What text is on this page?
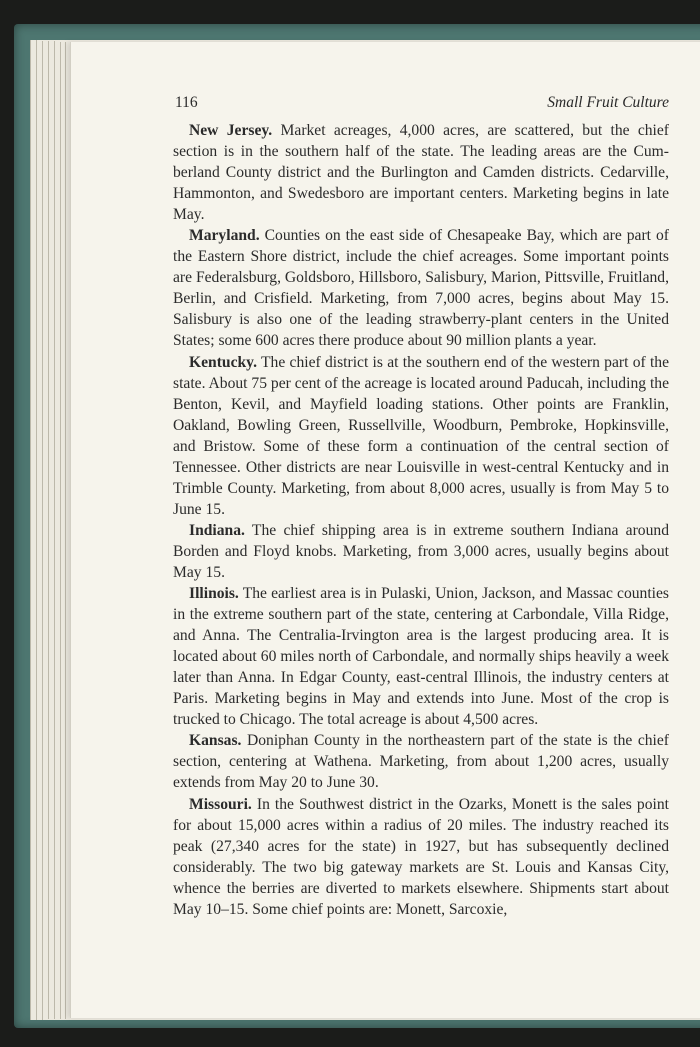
116	Small Fruit Culture

New Jersey. Market acreages, 4,000 acres, are scattered, but the chief section is in the southern half of the state. The leading areas are the Cumberland County district and the Burlington and Camden districts. Cedarville, Hammonton, and Swedesboro are important centers. Marketing begins in late May.

Maryland. Counties on the east side of Chesapeake Bay, which are part of the Eastern Shore district, include the chief acreages. Some important points are Federalsburg, Goldsboro, Hillsboro, Salisbury, Marion, Pittsville, Fruitland, Berlin, and Crisfield. Marketing, from 7,000 acres, begins about May 15. Salisbury is also one of the leading strawberry-plant centers in the United States; some 600 acres there produce about 90 million plants a year.

Kentucky. The chief district is at the southern end of the western part of the state. About 75 per cent of the acreage is located around Paducah, including the Benton, Kevil, and Mayfield loading stations. Other points are Franklin, Oakland, Bowling Green, Russellville, Woodburn, Pembroke, Hopkinsville, and Bristow. Some of these form a continuation of the central section of Tennessee. Other districts are near Louisville in west-central Kentucky and in Trimble County. Marketing, from about 8,000 acres, usually is from May 5 to June 15.

Indiana. The chief shipping area is in extreme southern Indiana around Borden and Floyd knobs. Marketing, from 3,000 acres, usually begins about May 15.

Illinois. The earliest area is in Pulaski, Union, Jackson, and Massac counties in the extreme southern part of the state, centering at Carbondale, Villa Ridge, and Anna. The Centralia-Irvington area is the largest producing area. It is located about 60 miles north of Carbondale, and normally ships heavily a week later than Anna. In Edgar County, east-central Illinois, the industry centers at Paris. Marketing begins in May and extends into June. Most of the crop is trucked to Chicago. The total acreage is about 4,500 acres.

Kansas. Doniphan County in the northeastern part of the state is the chief section, centering at Wathena. Marketing, from about 1,200 acres, usually extends from May 20 to June 30.

Missouri. In the Southwest district in the Ozarks, Monett is the sales point for about 15,000 acres within a radius of 20 miles. The industry reached its peak (27,340 acres for the state) in 1927, but has subsequently declined considerably. The two big gateway markets are St. Louis and Kansas City, whence the berries are diverted to markets elsewhere. Shipments start about May 10–15. Some chief points are: Monett, Sarcoxie,
